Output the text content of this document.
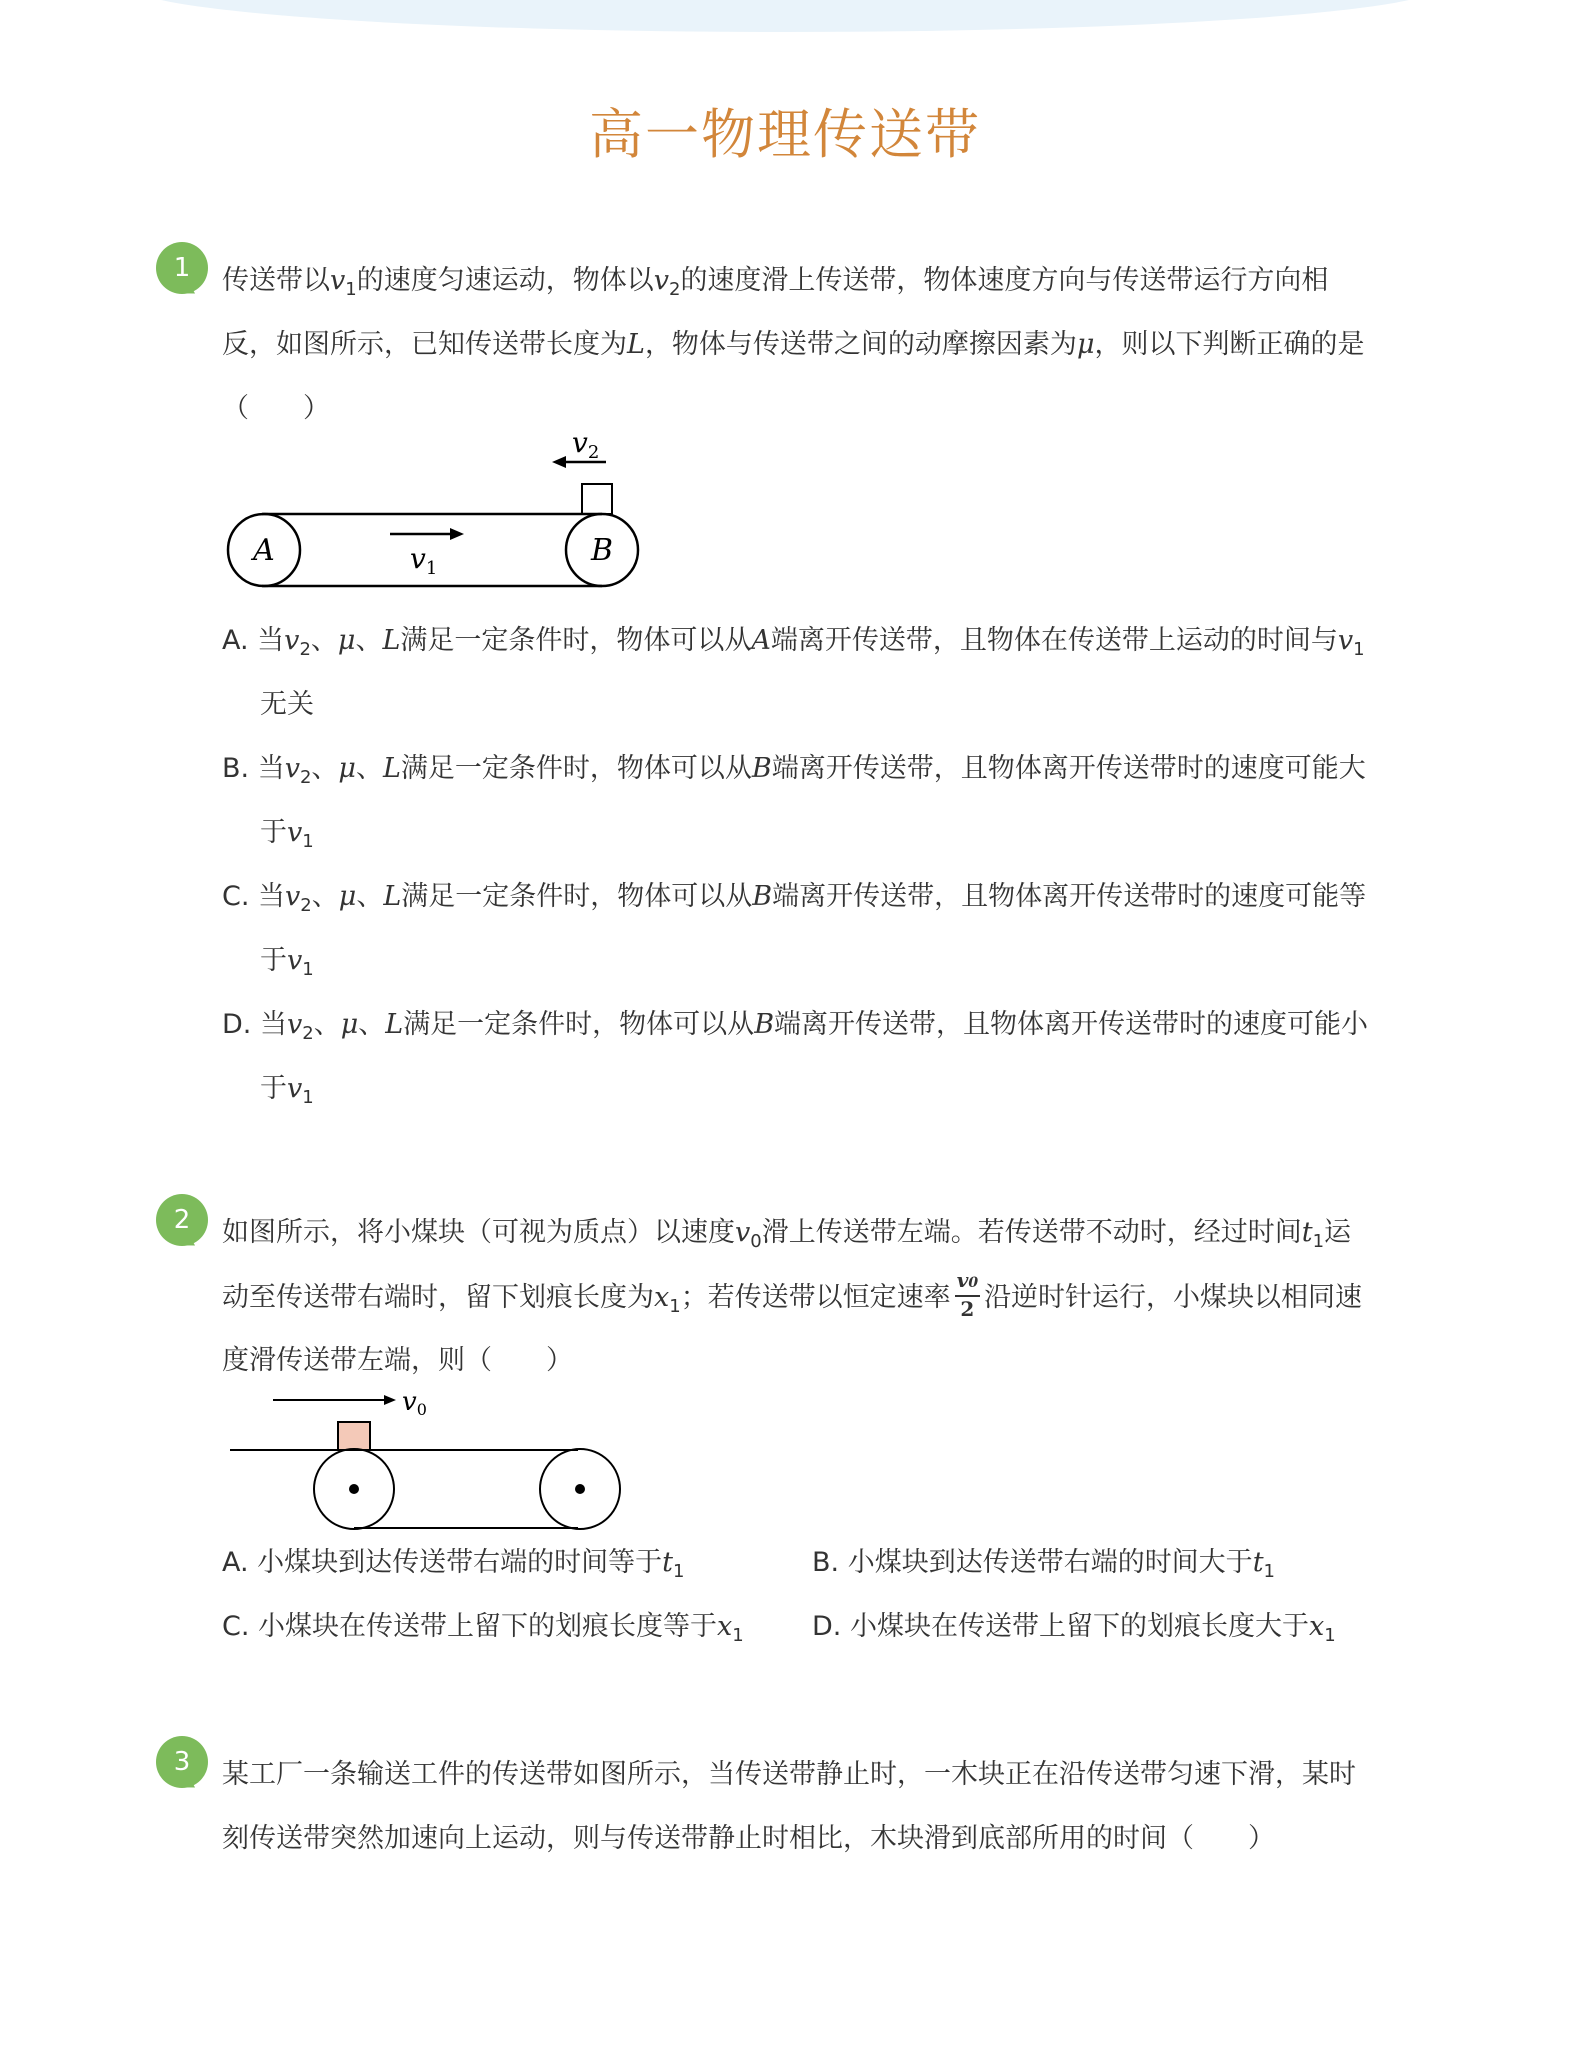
高一物理传送带
1 传送带以$v_1$的速度匀速运动，物体以$v_2$的速度滑上传送带，物体速度方向与传送带运行方向相
反，如图所示，已知传送带长度为L，物体与传送带之间的动摩擦因素为μ，则以下判断正确的是
（　　）
A	B
$v_1$
$v_2$
A. 当$v_2$、μ、L满足一定条件时，物体可以从A端离开传送带，且物体在传送带上运动的时间与$v_1$
无关
B. 当$v_2$、μ、L满足一定条件时，物体可以从B端离开传送带，且物体离开传送带时的速度可能大
于$v_1$
C. 当$v_2$、μ、L满足一定条件时，物体可以从B端离开传送带，且物体离开传送带时的速度可能等
于$v_1$
D. 当$v_2$、μ、L满足一定条件时，物体可以从B端离开传送带，且物体离开传送带时的速度可能小
于$v_1$
2 如图所示，将小煤块（可视为质点）以速度$v_0$滑上传送带左端。若传送带不动时，经过时间$t_1$运
动至传送带右端时，留下划痕长度为$x_1$；若传送带以恒定速率 $\frac{v0}{2}$ 沿逆时针运行，小煤块以相同速
度滑传送带左端，则（　　）
v0
A. 小煤块到达传送带右端的时间等于$t_1$	B. 小煤块到达传送带右端的时间大于$t_1$
C. 小煤块在传送带上留下的划痕长度等于$x_1$	D. 小煤块在传送带上留下的划痕长度大于$x_1$
3 某工厂一条输送工件的传送带如图所示，当传送带静止时，一木块正在沿传送带匀速下滑，某时
刻传送带突然加速向上运动，则与传送带静止时相比，木块滑到底部所用的时间（　　）
